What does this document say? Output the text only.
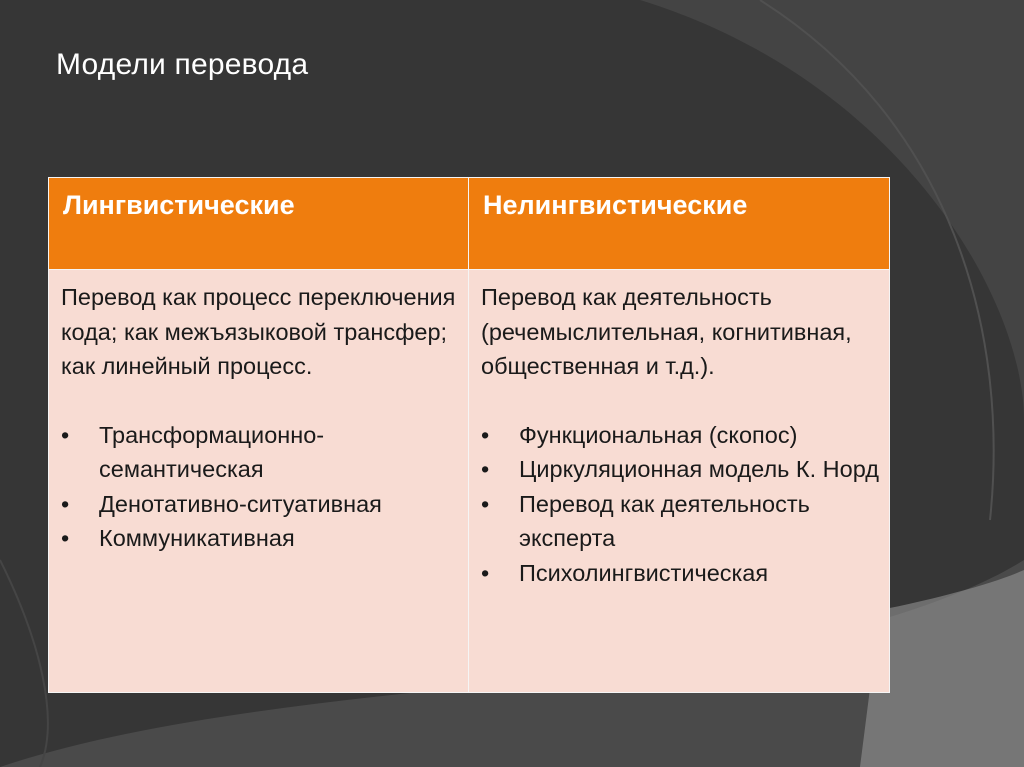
Модели перевода
Лингвистические	Нелингвистические
Перевод как процесс переключения кода; как межъязыковой трансфер; как линейный процесс.
• Трансформационно-семантическая
• Денотативно-ситуативная
• Коммуникативная
Перевод как деятельность (речемыслительная, когнитивная, общественная и т.д.).
• Функциональная (скопос)
• Циркуляционная модель К. Норд
• Перевод как деятельность эксперта
• Психолингвистическая
